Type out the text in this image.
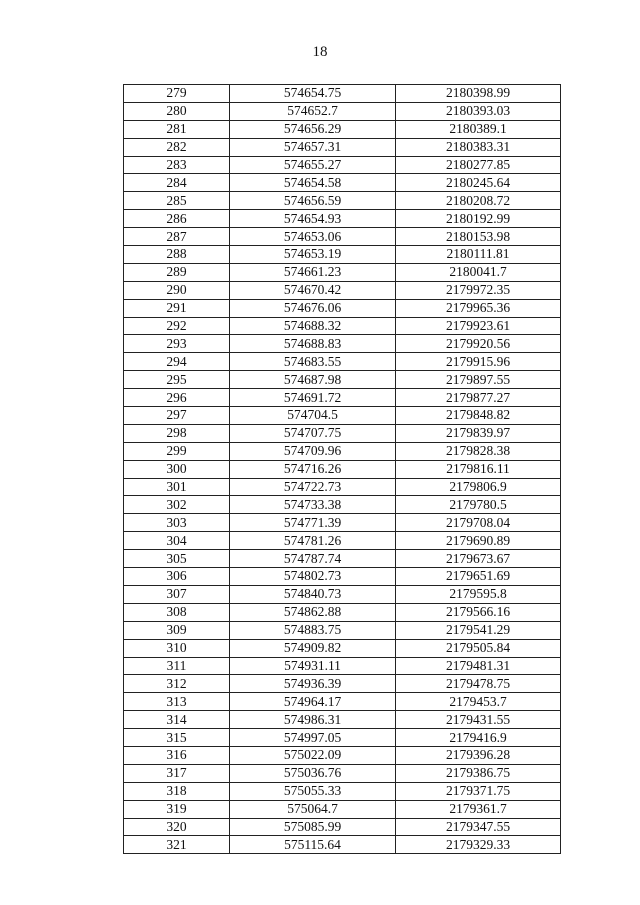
18
279	574654.75	2180398.99
280	574652.7	2180393.03
281	574656.29	2180389.1
282	574657.31	2180383.31
283	574655.27	2180277.85
284	574654.58	2180245.64
285	574656.59	2180208.72
286	574654.93	2180192.99
287	574653.06	2180153.98
288	574653.19	2180111.81
289	574661.23	2180041.7
290	574670.42	2179972.35
291	574676.06	2179965.36
292	574688.32	2179923.61
293	574688.83	2179920.56
294	574683.55	2179915.96
295	574687.98	2179897.55
296	574691.72	2179877.27
297	574704.5	2179848.82
298	574707.75	2179839.97
299	574709.96	2179828.38
300	574716.26	2179816.11
301	574722.73	2179806.9
302	574733.38	2179780.5
303	574771.39	2179708.04
304	574781.26	2179690.89
305	574787.74	2179673.67
306	574802.73	2179651.69
307	574840.73	2179595.8
308	574862.88	2179566.16
309	574883.75	2179541.29
310	574909.82	2179505.84
311	574931.11	2179481.31
312	574936.39	2179478.75
313	574964.17	2179453.7
314	574986.31	2179431.55
315	574997.05	2179416.9
316	575022.09	2179396.28
317	575036.76	2179386.75
318	575055.33	2179371.75
319	575064.7	2179361.7
320	575085.99	2179347.55
321	575115.64	2179329.33
